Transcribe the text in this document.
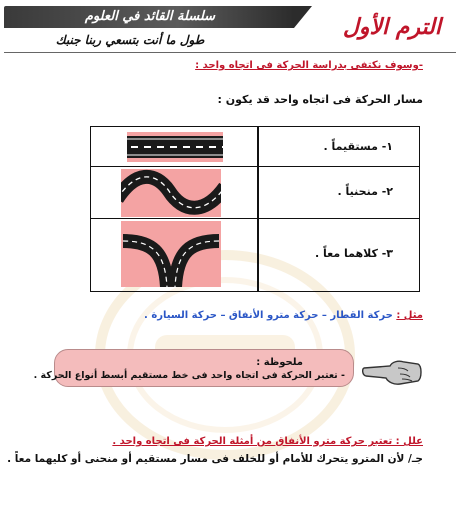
سلسلة القائد في العلوم
طول ما أنت بتسعي ربنا جنبك	الترم الأول
-وسوف نكتفى بدراسة الحركة فى اتجاه واحد :
مسار الحركة فى اتجاه واحد قد يكون :
١- مستقيماً .
٢- منحنياً .
٣- كلاهما معاً .
مثل : حركة القطار – حركة مترو الأنفاق – حركة السيارة .
ملحوظة :
- تعتبر الحركة فى اتجاه واحد فى خط مستقيم أبسط أنواع الحركة .
علل : تعتبر حركة مترو الأنفاق من أمثلة الحركة فى اتجاه واحد .
جـ/ لأن المترو يتحرك للأمام أو للخلف فى مسار مستقيم أو منحنى أو كليهما معاً .
